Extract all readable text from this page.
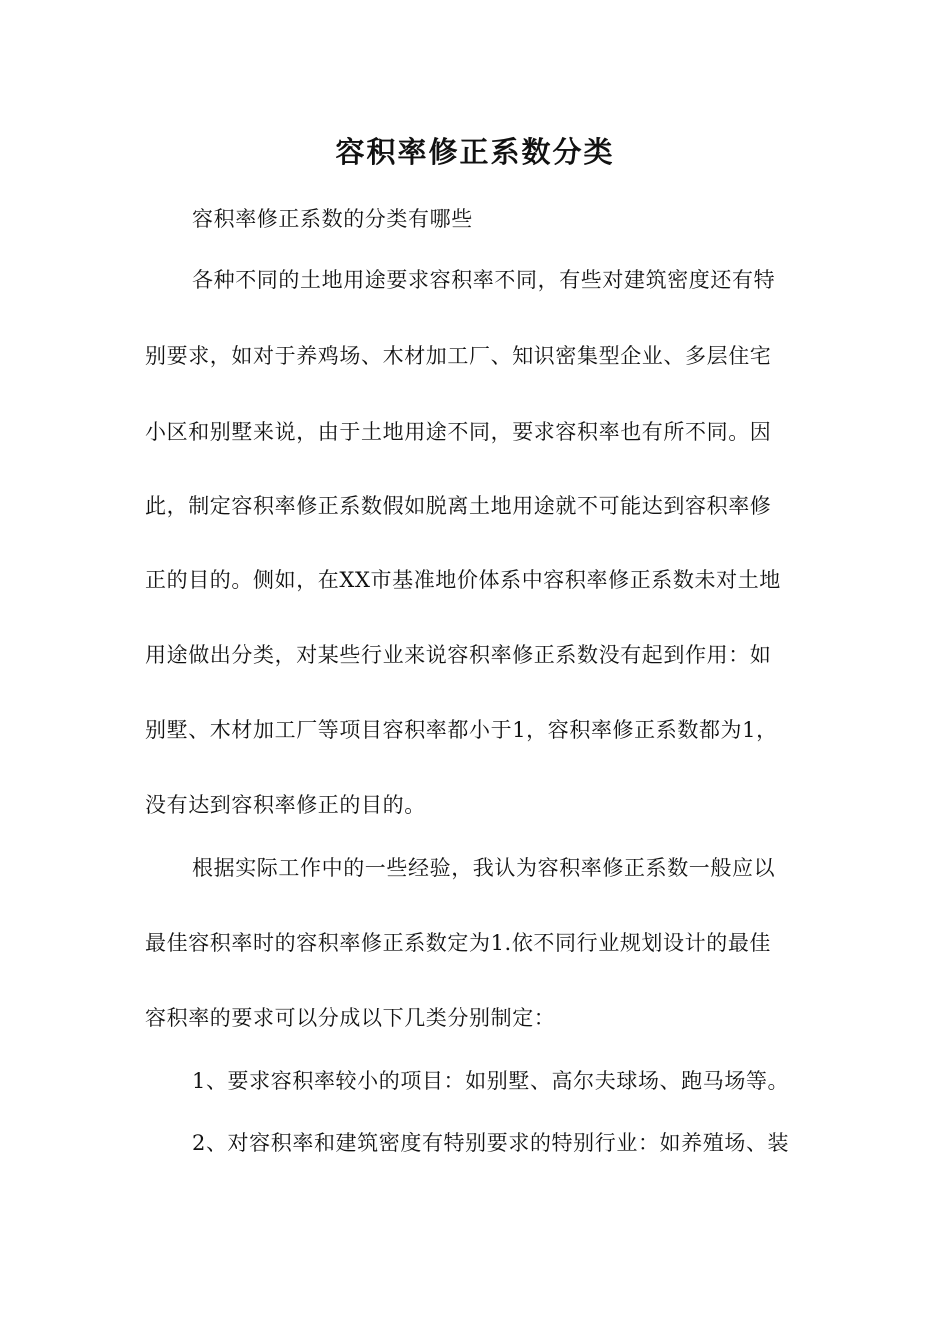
容积率修正系数分类
容积率修正系数的分类有哪些
各种不同的土地用途要求容积率不同，有些对建筑密度还有特
别要求，如对于养鸡场、木材加工厂、知识密集型企业、多层住宅
小区和别墅来说，由于土地用途不同，要求容积率也有所不同。因
此，制定容积率修正系数假如脱离土地用途就不可能达到容积率修
正的目的。侧如，在XX市基准地价体系中容积率修正系数未对土地
用途做出分类，对某些行业来说容积率修正系数没有起到作用：如
别墅、木材加工厂等项目容积率都小于1，容积率修正系数都为1，
没有达到容积率修正的目的。
根据实际工作中的一些经验，我认为容积率修正系数一般应以
最佳容积率时的容积率修正系数定为1.依不同行业规划设计的最佳
容积率的要求可以分成以下几类分别制定：
1、要求容积率较小的项目：如别墅、高尔夫球场、跑马场等。
2、对容积率和建筑密度有特别要求的特别行业：如养殖场、装
